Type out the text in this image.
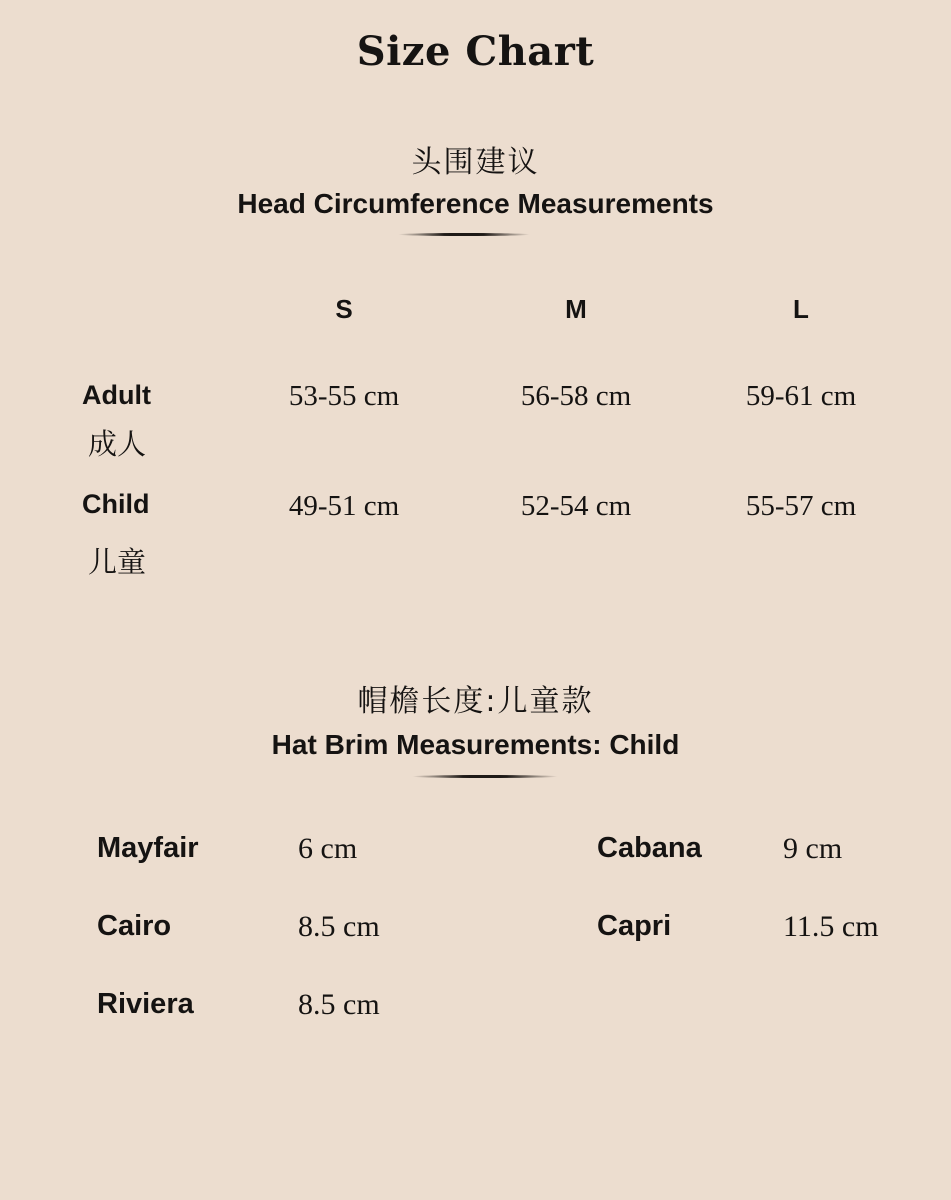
Size Chart
头围建议
Head Circumference Measurements
S	M	L
Adult
成人
53-55 cm	56-58 cm	59-61 cm
Child
儿童
49-51 cm	52-54 cm	55-57 cm
帽檐长度:儿童款
Hat Brim Measurements: Child
Mayfair	6 cm
Cairo	8.5 cm
Riviera	8.5 cm
Cabana	9 cm
Capri	11.5 cm
